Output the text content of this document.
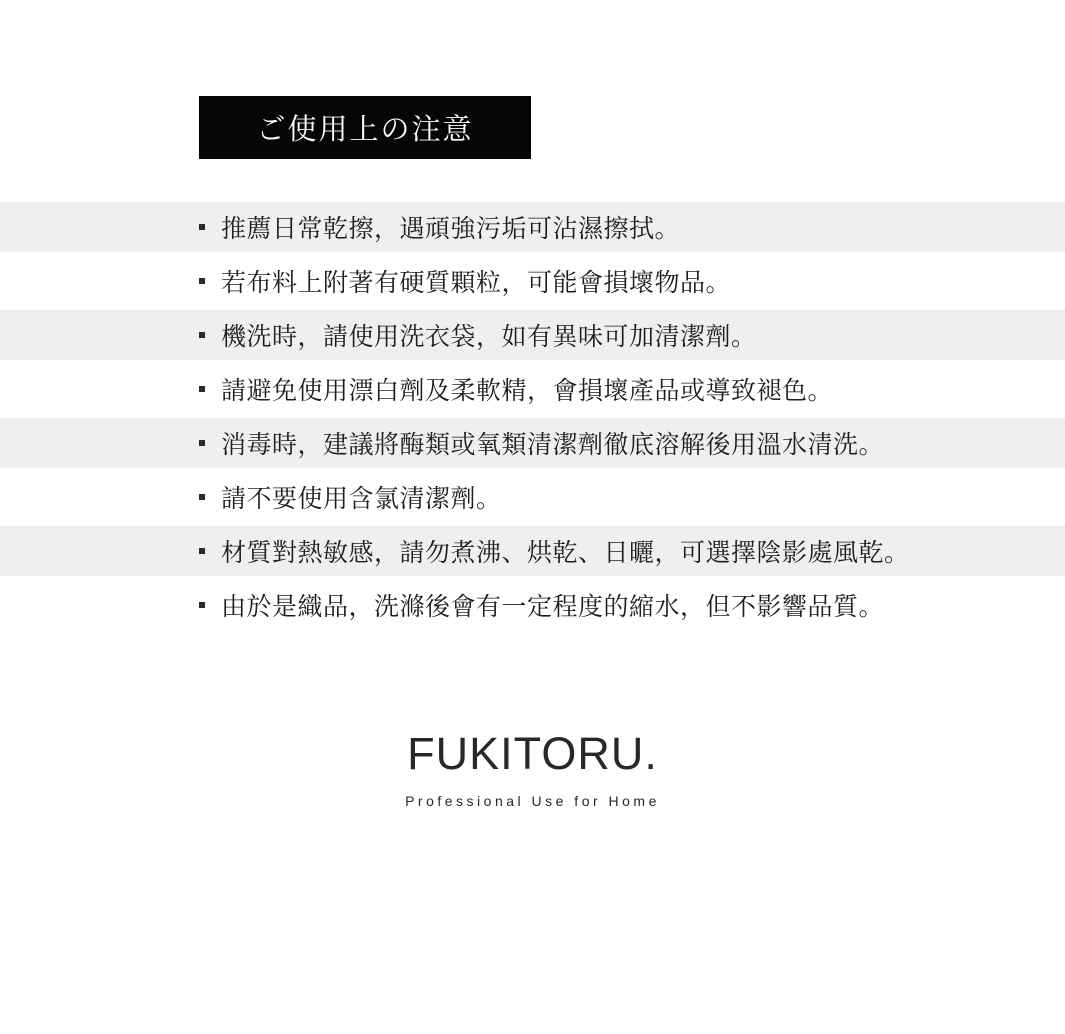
ご使用上の注意
推薦日常乾擦，遇頑強污垢可沾濕擦拭。
若布料上附著有硬質顆粒，可能會損壞物品。
機洗時，請使用洗衣袋，如有異味可加清潔劑。
請避免使用漂白劑及柔軟精，會損壞產品或導致褪色。
消毒時，建議將酶類或氧類清潔劑徹底溶解後用溫水清洗。
請不要使用含氯清潔劑。
材質對熱敏感，請勿煮沸、烘乾、日曬，可選擇陰影處風乾。
由於是織品，洗滌後會有一定程度的縮水，但不影響品質。
FUKITORU.
Professional Use for Home
